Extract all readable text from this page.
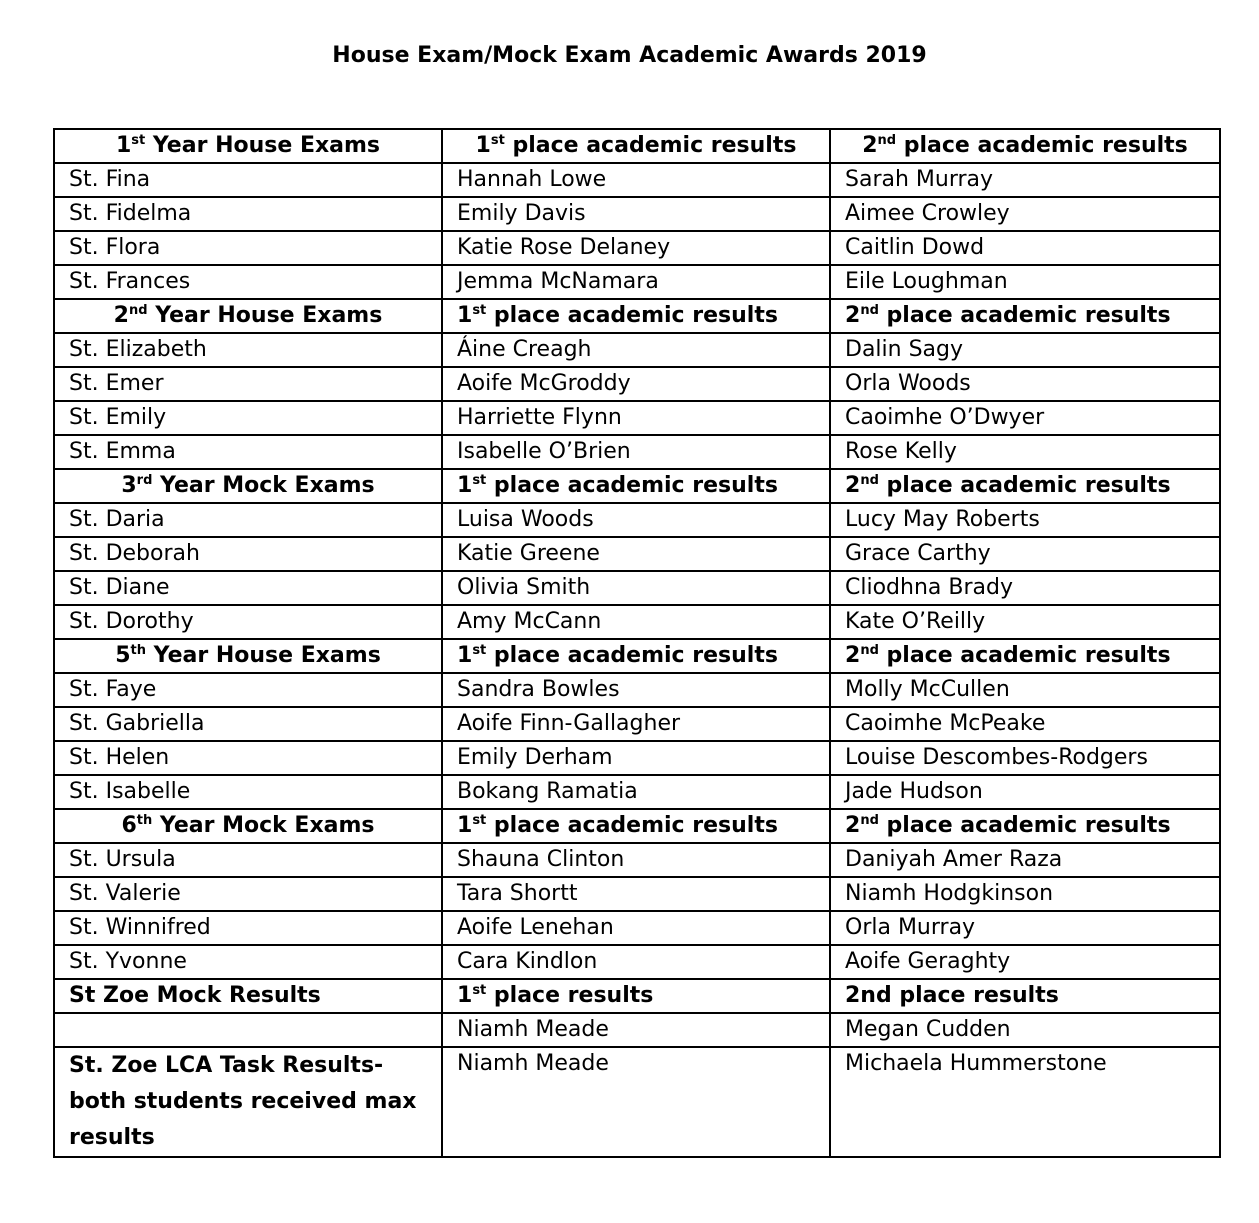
House Exam/Mock Exam Academic Awards 2019
1st Year House Exams	1st place academic results	2nd place academic results
St. Fina	Hannah Lowe	Sarah Murray
St. Fidelma	Emily Davis	Aimee Crowley
St. Flora	Katie Rose Delaney	Caitlin Dowd
St. Frances	Jemma McNamara	Eile Loughman
2nd Year House Exams	1st place academic results	2nd place academic results
St. Elizabeth	Áine Creagh	Dalin Sagy
St. Emer	Aoife McGroddy	Orla Woods
St. Emily	Harriette Flynn	Caoimhe O’Dwyer
St. Emma	Isabelle O’Brien	Rose Kelly
3rd Year Mock Exams	1st place academic results	2nd place academic results
St. Daria	Luisa Woods	Lucy May Roberts
St. Deborah	Katie Greene	Grace Carthy
St. Diane	Olivia Smith	Cliodhna Brady
St. Dorothy	Amy McCann	Kate O’Reilly
5th Year House Exams	1st place academic results	2nd place academic results
St. Faye	Sandra Bowles	Molly McCullen
St. Gabriella	Aoife Finn-Gallagher	Caoimhe McPeake
St. Helen	Emily Derham	Louise Descombes-Rodgers
St. Isabelle	Bokang Ramatia	Jade Hudson
6th Year Mock Exams	1st place academic results	2nd place academic results
St. Ursula	Shauna Clinton	Daniyah Amer Raza
St. Valerie	Tara Shortt	Niamh Hodgkinson
St. Winnifred	Aoife Lenehan	Orla Murray
St. Yvonne	Cara Kindlon	Aoife Geraghty
St Zoe Mock Results	1st place results	2nd place results
	Niamh Meade	Megan Cudden
St. Zoe LCA Task Results- both students received max results	Niamh Meade	Michaela Hummerstone
